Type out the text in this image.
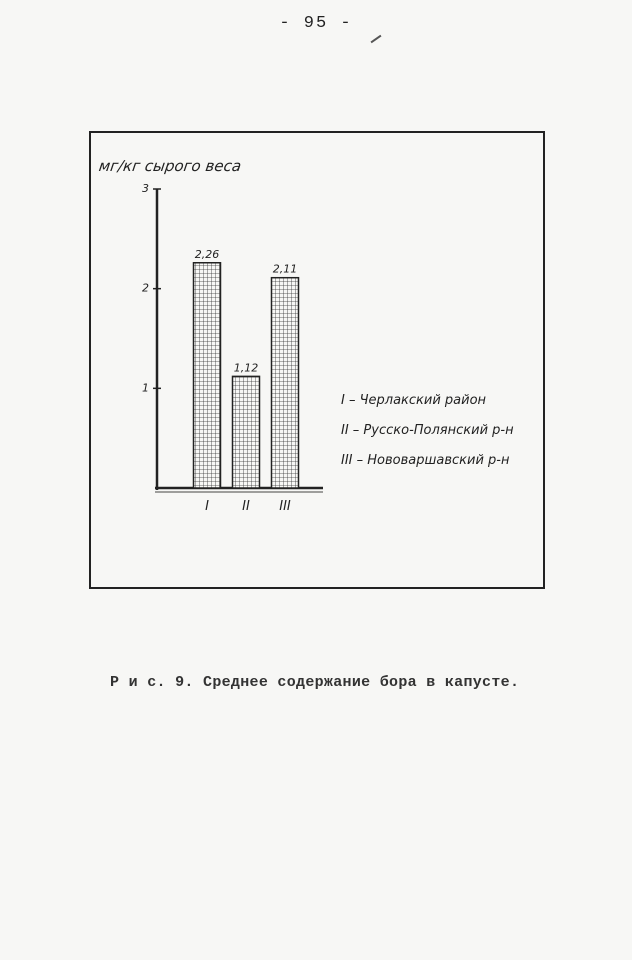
- 95 -
мг/кг сырого веса
1
2
3
2,26
1,12
2,11
I	II III
I – Черлакский район
II – Русско-Полянский р-н
III – Нововаршавский р-н
Р и с. 9. Среднее содержание бора в капусте.
